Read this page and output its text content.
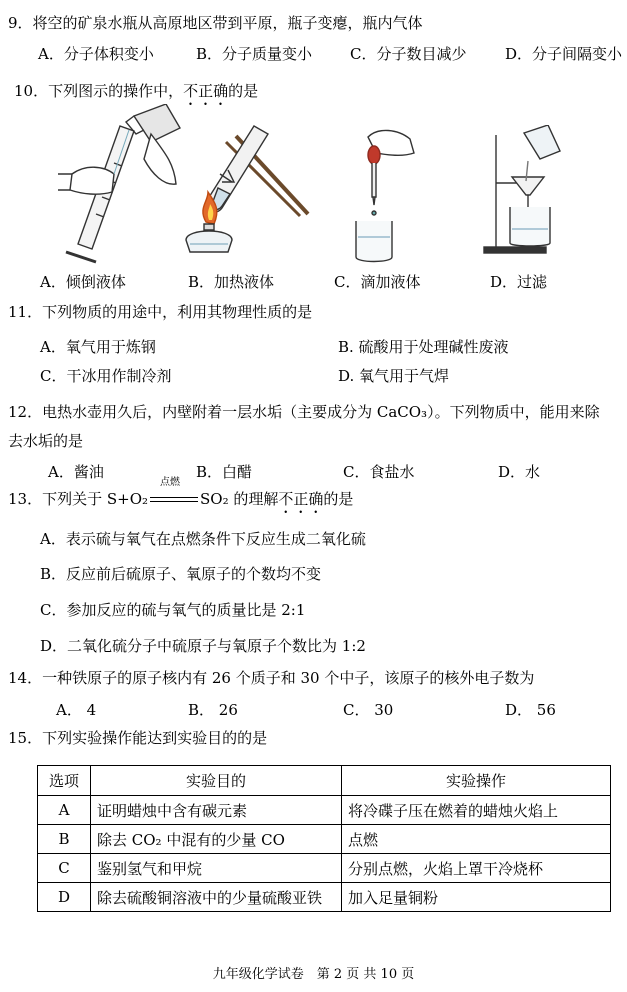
9．将空的矿泉水瓶从高原地区带到平原，瓶子变瘪，瓶内气体
A．分子体积变小	B．分子质量变小	C．分子数目减少	D．分子间隔变小
10．下列图示的操作中，不正确的是
A．倾倒液体	B．加热液体	C．滴加液体	D．过滤
11．下列物质的用途中，利用其物理性质的是
A．氧气用于炼钢	B. 硫酸用于处理碱性废液
C．干冰用作制冷剂	D. 氧气用于气焊
12．电热水壶用久后，内壁附着一层水垢（主要成分为 CaCO₃）。下列物质中，能用来除
去水垢的是
A．酱油	B．白醋	C．食盐水	D．水
13．下列关于 S+O₂
点燃
SO₂ 的理解不正确的是
A．表示硫与氧气在点燃条件下反应生成二氧化硫
B．反应前后硫原子、氧原子的个数均不变
C．参加反应的硫与氧气的质量比是 2:1
D．二氧化硫分子中硫原子与氧原子个数比为 1:2
14．一种铁原子的原子核内有 26 个质子和 30 个中子，该原子的核外电子数为
A． 4	B． 26	C． 30	D． 56
15．下列实验操作能达到实验目的的是
选项	实验目的	实验操作
A	证明蜡烛中含有碳元素	将冷碟子压在燃着的蜡烛火焰上
B	除去 CO₂ 中混有的少量 CO	点燃
C	鉴别氢气和甲烷	分别点燃，火焰上罩干冷烧杯
D	除去硫酸铜溶液中的少量硫酸亚铁	加入足量铜粉
九年级化学试卷　第 2 页 共 10 页
